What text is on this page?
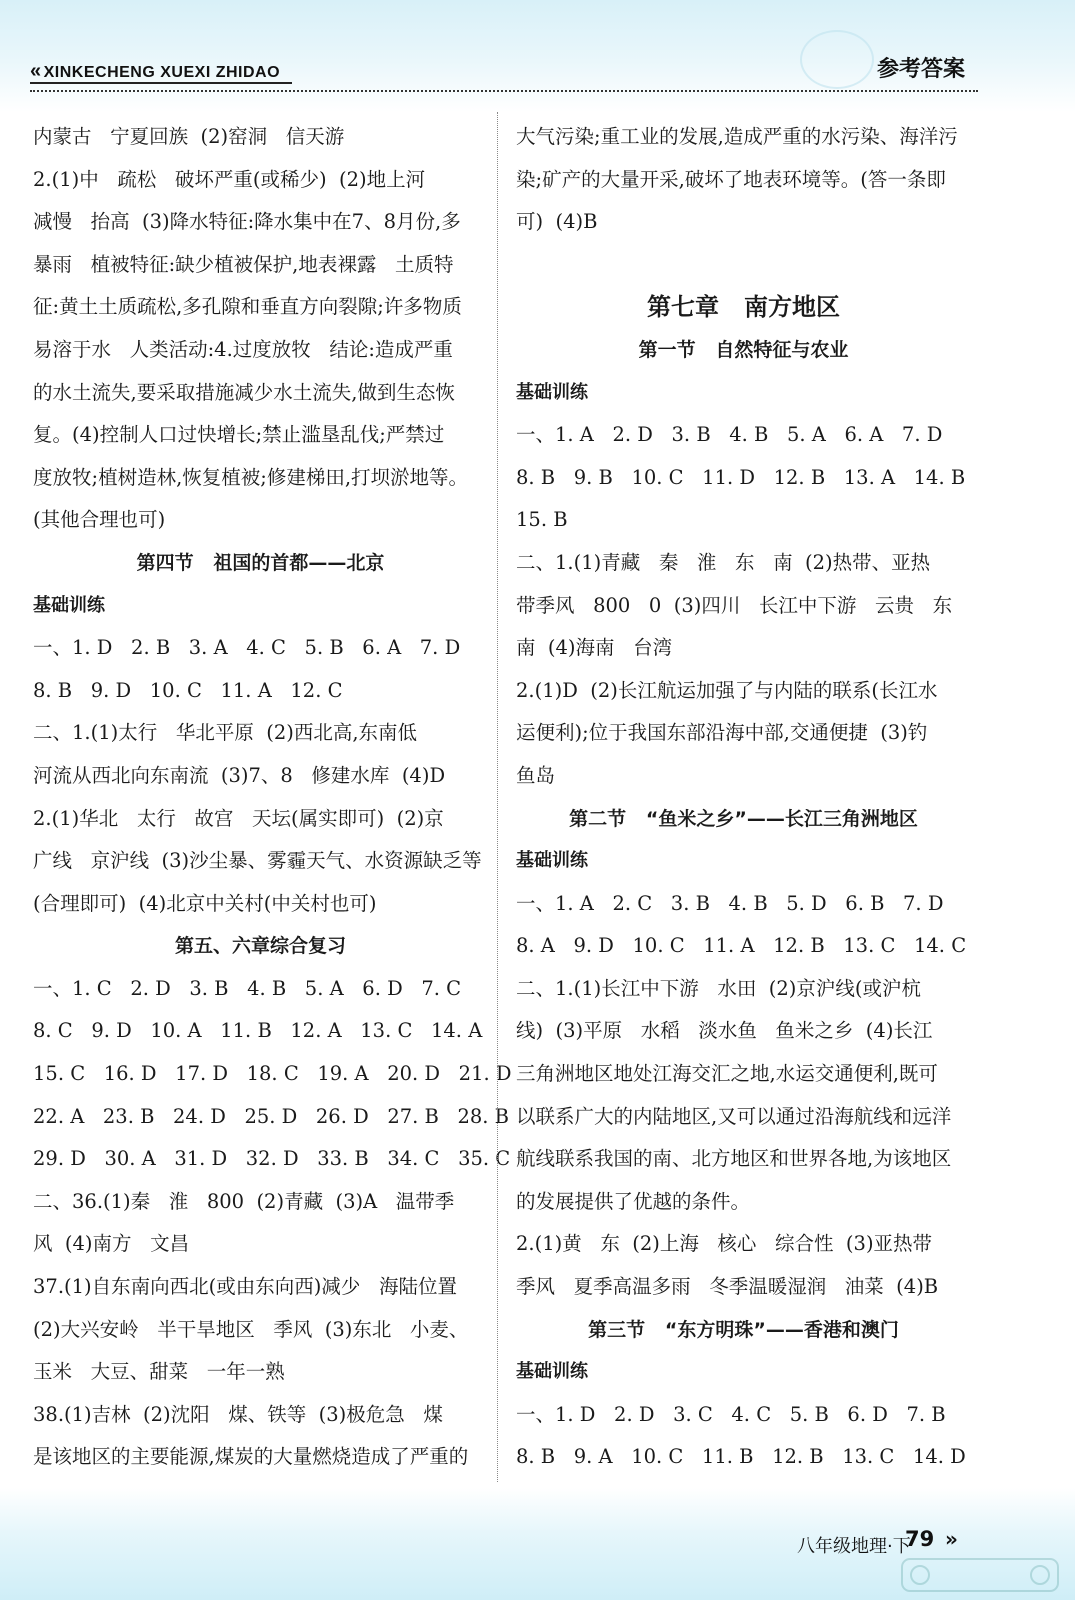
« XINKECHENG XUEXI ZHIDAO	参考答案
内蒙古   宁夏回族  (2)窑洞   信天游
2.(1)中   疏松   破坏严重(或稀少)  (2)地上河
减慢   抬高  (3)降水特征:降水集中在7、8月份,多
暴雨   植被特征:缺少植被保护,地表裸露   土质特
征:黄土土质疏松,多孔隙和垂直方向裂隙;许多物质
易溶于水   人类活动:4.过度放牧   结论:造成严重
的水土流失,要采取措施减少水土流失,做到生态恢
复。(4)控制人口过快增长;禁止滥垦乱伐;严禁过
度放牧;植树造林,恢复植被;修建梯田,打坝淤地等。
(其他合理也可)
第四节   祖国的首都——北京
基础训练
一、1. D   2. B   3. A   4. C   5. B   6. A   7. D
8. B   9. D   10. C   11. A   12. C
二、1.(1)太行   华北平原  (2)西北高,东南低
河流从西北向东南流  (3)7、8   修建水库  (4)D
2.(1)华北   太行   故宫   天坛(属实即可)  (2)京
广线   京沪线  (3)沙尘暴、雾霾天气、水资源缺乏等
(合理即可)  (4)北京中关村(中关村也可)
第五、六章综合复习
一、1. C   2. D   3. B   4. B   5. A   6. D   7. C
8. C   9. D   10. A   11. B   12. A   13. C   14. A
15. C   16. D   17. D   18. C   19. A   20. D   21. D
22. A   23. B   24. D   25. D   26. D   27. B   28. B
29. D   30. A   31. D   32. D   33. B   34. C   35. C
二、36.(1)秦   淮   800  (2)青藏  (3)A   温带季
风  (4)南方   文昌
37.(1)自东南向西北(或由东向西)减少   海陆位置
(2)大兴安岭   半干旱地区   季风  (3)东北   小麦、
玉米   大豆、甜菜   一年一熟
38.(1)吉林  (2)沈阳   煤、铁等  (3)极危急   煤
是该地区的主要能源,煤炭的大量燃烧造成了严重的
大气污染;重工业的发展,造成严重的水污染、海洋污
染;矿产的大量开采,破坏了地表环境等。(答一条即
可)  (4)B
第七章   南方地区
第一节   自然特征与农业
基础训练
一、1. A   2. D   3. B   4. B   5. A   6. A   7. D
8. B   9. B   10. C   11. D   12. B   13. A   14. B
15. B
二、1.(1)青藏   秦   淮   东   南  (2)热带、亚热
带季风   800   0  (3)四川   长江中下游   云贵   东
南  (4)海南   台湾
2.(1)D  (2)长江航运加强了与内陆的联系(长江水
运便利);位于我国东部沿海中部,交通便捷  (3)钓
鱼岛
第二节   “鱼米之乡”——长江三角洲地区
基础训练
一、1. A   2. C   3. B   4. B   5. D   6. B   7. D
8. A   9. D   10. C   11. A   12. B   13. C   14. C
二、1.(1)长江中下游   水田  (2)京沪线(或沪杭
线)  (3)平原   水稻   淡水鱼   鱼米之乡  (4)长江
三角洲地区地处江海交汇之地,水运交通便利,既可
以联系广大的内陆地区,又可以通过沿海航线和远洋
航线联系我国的南、北方地区和世界各地,为该地区
的发展提供了优越的条件。
2.(1)黄   东  (2)上海   核心   综合性  (3)亚热带
季风   夏季高温多雨   冬季温暖湿润   油菜  (4)B
第三节   “东方明珠”——香港和澳门
基础训练
一、1. D   2. D   3. C   4. C   5. B   6. D   7. B
8. B   9. A   10. C   11. B   12. B   13. C   14. D
八年级地理·下
79 »
